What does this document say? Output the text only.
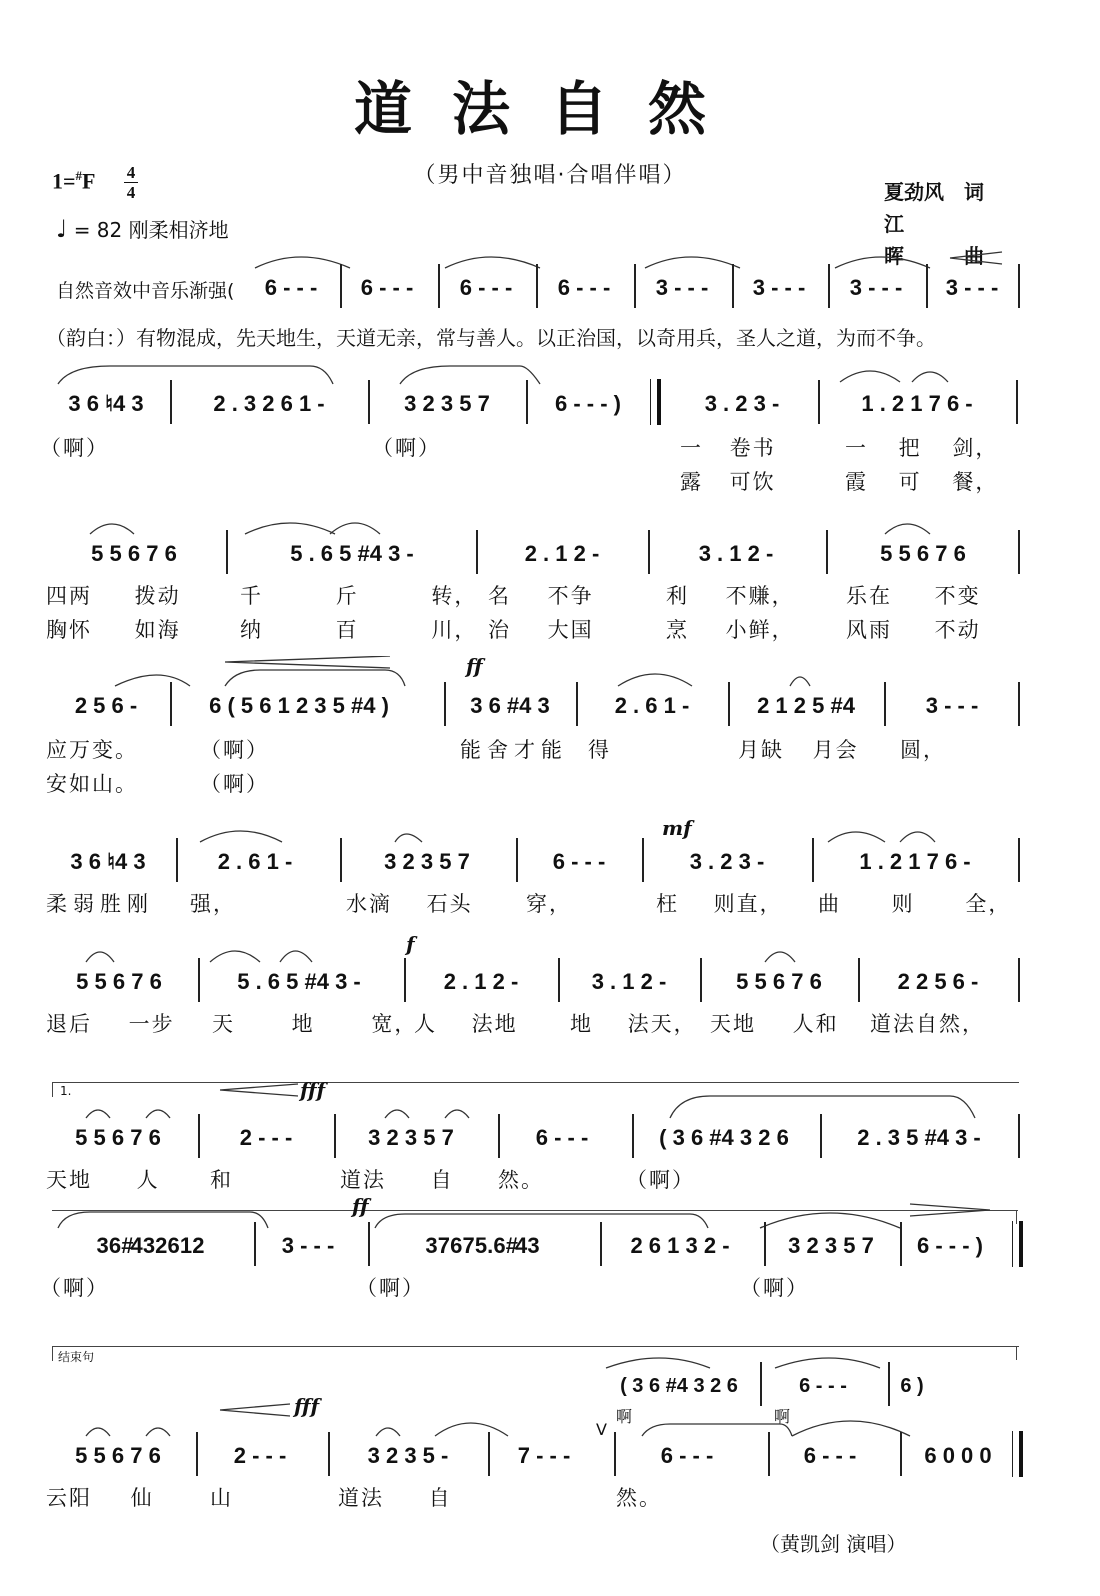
道法自然
（男中音独唱·合唱伴唱）
1=#F 4
4
♩ = 82 刚柔相济地
夏劲风 词
江 晖 曲
自然音效中音乐渐强(	6 - - -	6 - - -	6 - - -	6 - - -	3 - - -	3 - - -	3 - - -	3 - - -
（韵白：）有物混成，先天地生，天道无亲，常与善人。以正治国，以奇用兵，圣人之道，为而不争。
3 6 ♮4 3	2 . 3 2 6 1 -	3 2 3 5 7	6 - - - )	3 . 2 3 -	1 . 2 1 7 6 -
（啊）	（啊）	一 卷书	一 把 剑，
露 可饮	霞 可 餐，
5 5 6 7 6	5 . 6 5 #4 3 -	2 . 1 2 -	3 . 1 2 -	5 5 6 7 6
四两 拨动	千 斤 转， 名 不争	利 不赚， 乐在 不变
胸怀 如海	纳 百 川， 治 大国	烹 小鲜， 风雨 不动
ff
2 5 6 -	6 ( 5 6 1 2 3 5 #4 )	3 6 #4 3	2 . 6 1 -	2 1 2 5 #4	3 - - -
应万变。	（啊）	能舍才能 得	月缺 月会 圆，
安如山。	（啊）
mf
3 6 ♮4 3	2 . 6 1 -	3 2 3 5 7	6 - - -	3 . 2 3 -	1 . 2 1 7 6 -
柔弱胜刚 强，	水滴 石头	穿，	枉 则直， 曲 则 全，
f
5 5 6 7 6	5 . 6 5 #4 3 -	2 . 1 2 -	3 . 1 2 -	5 5 6 7 6	2 2 5 6 -
退后 一步 天 地 宽，
人 法地 地 法天， 天地 人和 道法自然，
1.	fff
5 5 6 7 6	2 - - -	3 2 3 5 7	6 - - -	( 3 6 #4 3 2 6	2 . 3 5 #4 3 -
天地 人 和	道法 自 然。	（啊）
ff
3 6 #4 3 2 6 1 2	3 - - -	3 7 6 7 5 . 6 #4 3	2 6 1 3 2 -	3 2 3 5 7	6 - - - )
（啊）	（啊）	（啊）
结束句
( 3 6 #4 3 2 6	6 - - -	6 )
啊	啊
fff
5 5 6 7 6	2 - - -	3 2 3 5 -	7 - - -
V
6 - - -	6 - - -	6 0 0 0
云阳 仙	山	道法 自	然。
（黄凯剑 演唱）
